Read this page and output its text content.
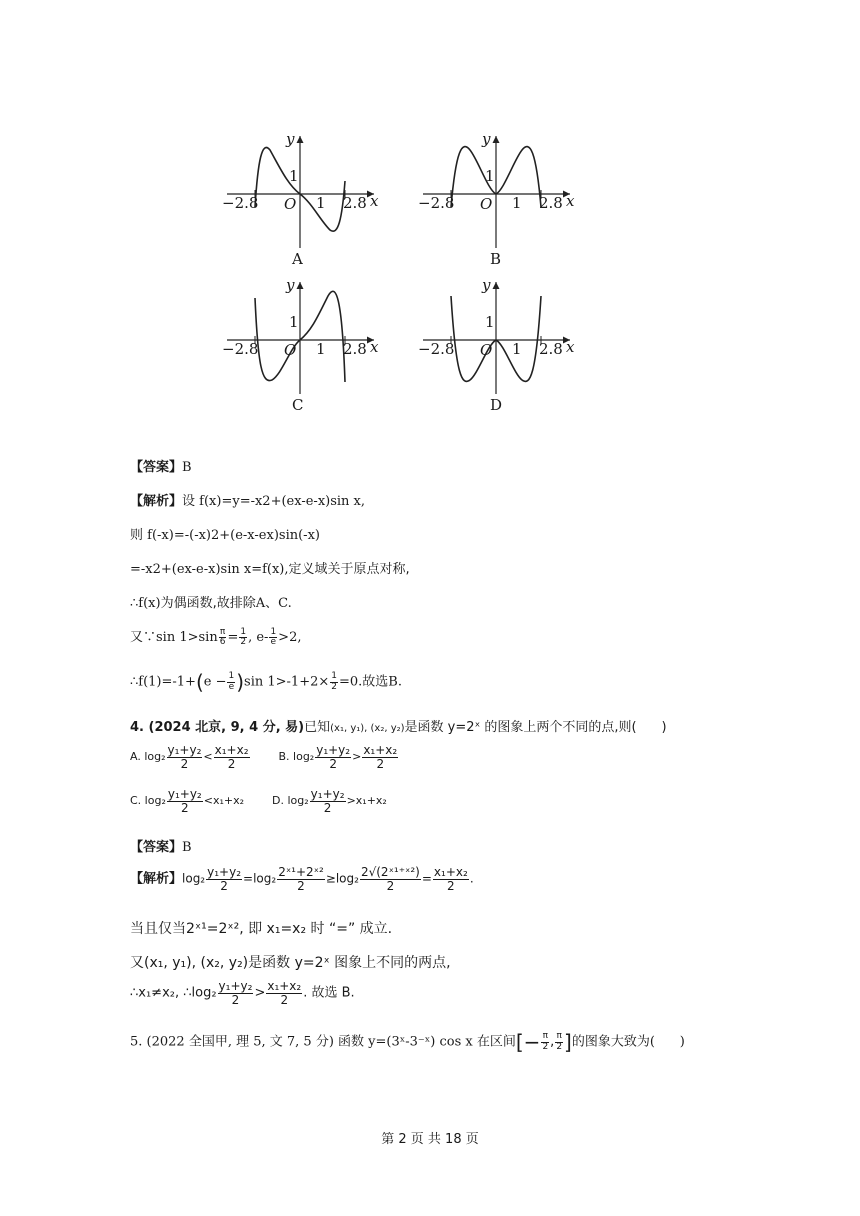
y
1
−2.8 O 1 2.8 x
A
y
1
−2.8 O 1 2.8 x
B
y
1
−2.8 O 1 2.8 x
C
y
1
−2.8 O 1 2.8 x
D
【答案】B
【解析】设 f(x)=y=-x2+(ex-e-x)sin x,
则 f(-x)=-(-x)2+(e-x-ex)sin(-x)
=-x2+(ex-e-x)sin x=f(x),定义域关于原点对称,
∴f(x)为偶函数,故排除A、C.
又∵sin $1>\sin \frac{\pi}{6} = \frac{1}{2}$ , $e- \frac{1}{e} >2$,
∴f(1)=-1+(e − $\frac{1}{e} )\sin$ $1>-1+2\times \frac{1}{2} =0$.故选B.
4. (2024 北京, 9, 4 分, 易)已知(x₁, y₁), (x₂, y₂)是函数 y=2ˣ 的图象上两个不同的点,则( )
A. $\log_2 \frac{\text{y₁+y₂}}{2} < \frac{\text{x₁+x₂}}{2}$	B. $\log_2 \frac{\text{y₁+y₂}}{2} > \frac{\text{x₁+x₂}}{2}$
C. $\log_2 \frac{\text{y₁+y₂}}{2} <x_1+x_2$	D. $\log_2 \frac{\text{y₁+y₂}}{2} >x_1+x_2$
【答案】B
【解析】$\log_2 \frac{\text{y₁+y₂}}{2} =\log_2 \frac{\text{2ˣ¹+2ˣ²}}{2} \ge\log_2 \frac{\text{2√(2ˣ¹⁺ˣ²)}}{2} = \frac{\text{x₁+x₂}}{2}$ .
当且仅当2ˣ¹=2ˣ², 即 x₁=x₂ 时 “=” 成立.
又(x₁, y₁), (x₂, y₂)是函数 y=2ˣ 图象上不同的两点,
∴x₁≠x₂, ∴log₂ $\frac{\text{y₁+y₂}}{2} > \frac{\text{x₁+x₂}}{2}$ . 故选 B.
5. (2022 全国甲, 理 5, 文 7, 5 分) 函数 y=(3ˣ-3⁻ˣ) cos x 在区间[− $\frac{\pi}{2}$ , $\frac{\pi}{2}$ ]的图象大致为( )
第 2 页 共 18 页
